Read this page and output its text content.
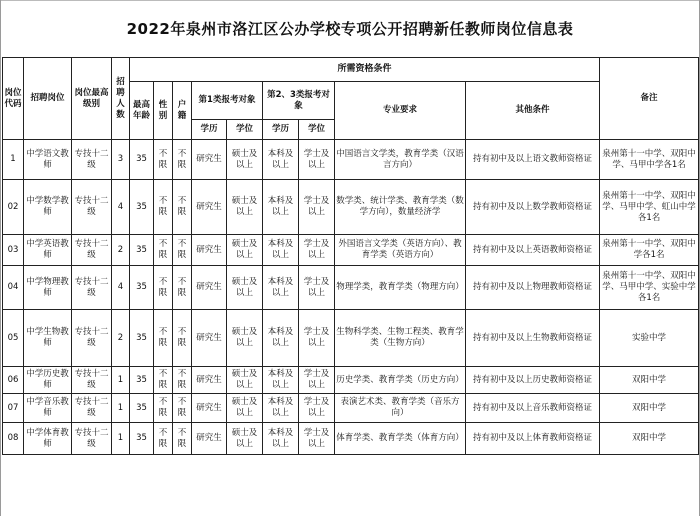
2022年泉州市洛江区公办学校专项公开招聘新任教师岗位信息表
岗位代码	招聘岗位	岗位最高级别	招聘人数	所需资格条件									备注
				最高年龄	性别	户籍	第1类报考对象		第2、3类报考对象		专业要求	其他条件	
							学历	学位	学历	学位			
1	中学语文教师	专技十二级	3	35	不限	不限	研究生	硕士及以上	本科及以上	学士及以上	中国语言文学类，教育学类（汉语言方向）	持有初中及以上语文教师资格证	泉州第十一中学、双阳中学、马甲中学各1名
02	中学数学教师	专技十二级	4	35	不限	不限	研究生	硕士及以上	本科及以上	学士及以上	数学类、统计学类、教育学类（数学方向），数量经济学	持有初中及以上数学教师资格证	泉州第十一中学、双阳中学、马甲中学、虹山中学各1名
03	中学英语教师	专技十二级	2	35	不限	不限	研究生	硕士及以上	本科及以上	学士及以上	外国语言文学类（英语方向）、教育学类（英语方向）	持有初中及以上英语教师资格证	泉州第十一中学、双阳中学各1名
04	中学物理教师	专技十二级	4	35	不限	不限	研究生	硕士及以上	本科及以上	学士及以上	物理学类，教育学类（物理方向）	持有初中及以上物理教师资格证	泉州第十一中学、双阳中学、马甲中学、实验中学各1名
05	中学生物教师	专技十二级	2	35	不限	不限	研究生	硕士及以上	本科及以上	学士及以上	生物科学类、生物工程类、教育学类（生物方向）	持有初中及以上生物教师资格证	实验中学
06	中学历史教师	专技十二级	1	35	不限	不限	研究生	硕士及以上	本科及以上	学士及以上	历史学类、教育学类（历史方向）	持有初中及以上历史教师资格证	双阳中学
07	中学音乐教师	专技十二级	1	35	不限	不限	研究生	硕士及以上	本科及以上	学士及以上	表演艺术类、教育学类（音乐方向）	持有初中及以上音乐教师资格证	双阳中学
08	中学体育教师	专技十二级	1	35	不限	不限	研究生	硕士及以上	本科及以上	学士及以上	体育学类、教育学类（体育方向）	持有初中及以上体育教师资格证	双阳中学
